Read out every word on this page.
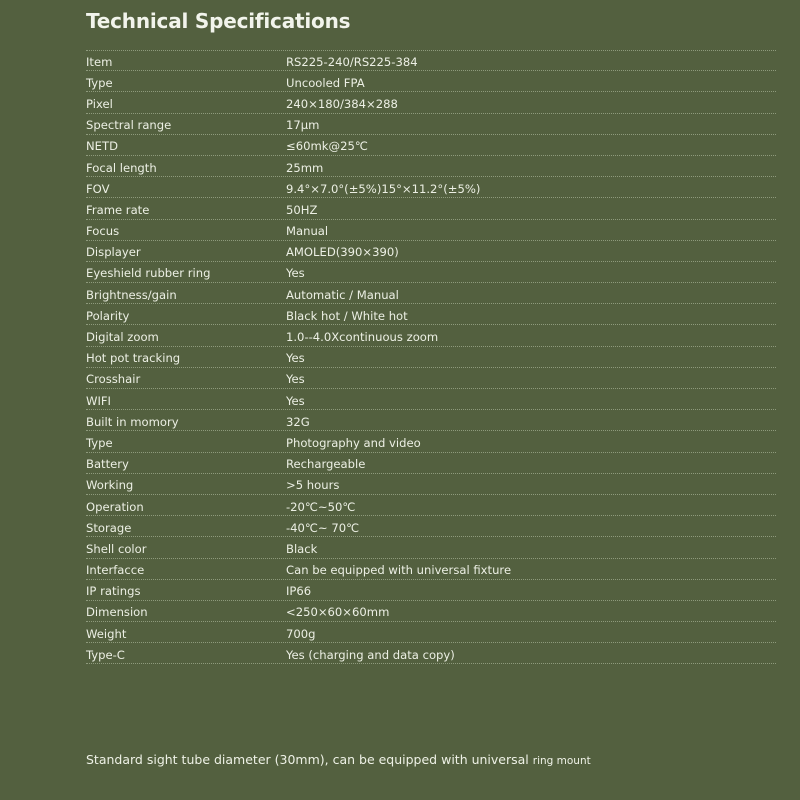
Technical Specifications
Item	RS225-240/RS225-384
Type	Uncooled FPA
Pixel	240×180/384×288
Spectral range	17μm
NETD	≤60mk@25℃
Focal length	25mm
FOV	9.4°×7.0°(±5%)15°×11.2°(±5%)
Frame rate	50HZ
Focus	Manual
Displayer	AMOLED(390×390)
Eyeshield rubber ring	Yes
Brightness/gain	Automatic / Manual
Polarity	Black hot / White hot
Digital zoom	1.0--4.0Xcontinuous zoom
Hot pot tracking	Yes
Crosshair	Yes
WIFI	Yes
Built in momory	32G
Type	Photography and video
Battery	Rechargeable
Working	>5 hours
Operation	-20℃~50℃
Storage	-40℃~ 70℃
Shell color	Black
Interfacce	Can be equipped with universal fixture
IP ratings	IP66
Dimension	<250×60×60mm
Weight	700g
Type-C	Yes (charging and data copy)

Standard sight tube diameter (30mm), can be equipped with universal ring mount
